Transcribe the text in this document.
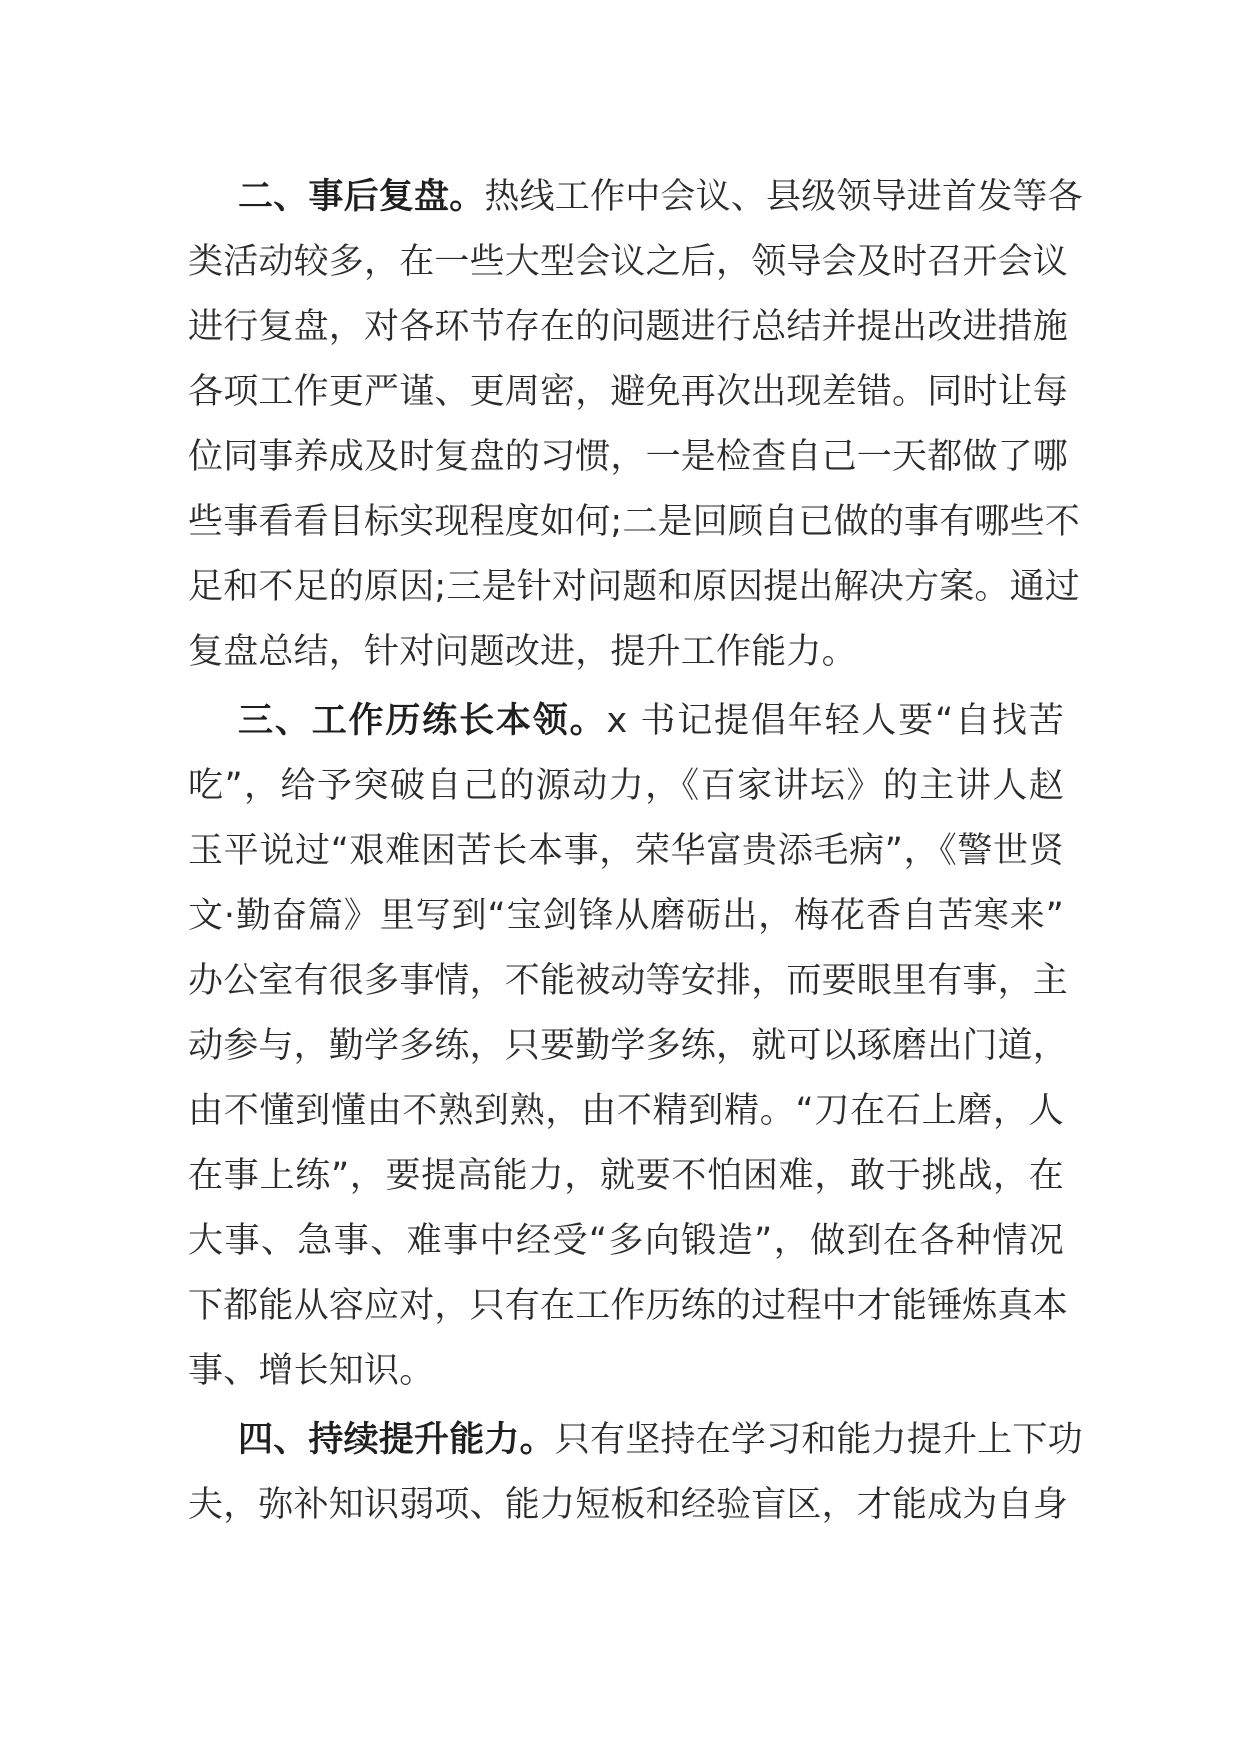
二、事后复盘。热线工作中会议、县级领导进首发等各
类活动较多，在一些大型会议之后，领导会及时召开会议
进行复盘，对各环节存在的问题进行总结并提出改进措施
各项工作更严谨、更周密，避免再次出现差错。同时让每
位同事养成及时复盘的习惯，一是检查自己一天都做了哪
些事看看目标实现程度如何;二是回顾自已做的事有哪些不
足和不足的原因;三是针对问题和原因提出解决方案。通过
复盘总结，针对问题改进，提升工作能力。

三、工作历练长本领。x 书记提倡年轻人要“自找苦
吃”，给予突破自己的源动力，《百家讲坛》的主讲人赵
玉平说过“艰难困苦长本事，荣华富贵添毛病”，《警世贤
文·勤奋篇》里写到“宝剑锋从磨砺出，梅花香自苦寒来”
办公室有很多事情，不能被动等安排，而要眼里有事，主
动参与，勤学多练，只要勤学多练，就可以琢磨出门道，
由不懂到懂由不熟到熟，由不精到精。“刀在石上磨，人
在事上练”，要提高能力，就要不怕困难，敢于挑战，在
大事、急事、难事中经受“多向锻造”，做到在各种情况
下都能从容应对，只有在工作历练的过程中才能锤炼真本
事、增长知识。

四、持续提升能力。只有坚持在学习和能力提升上下功
夫，弥补知识弱项、能力短板和经验盲区，才能成为自身
